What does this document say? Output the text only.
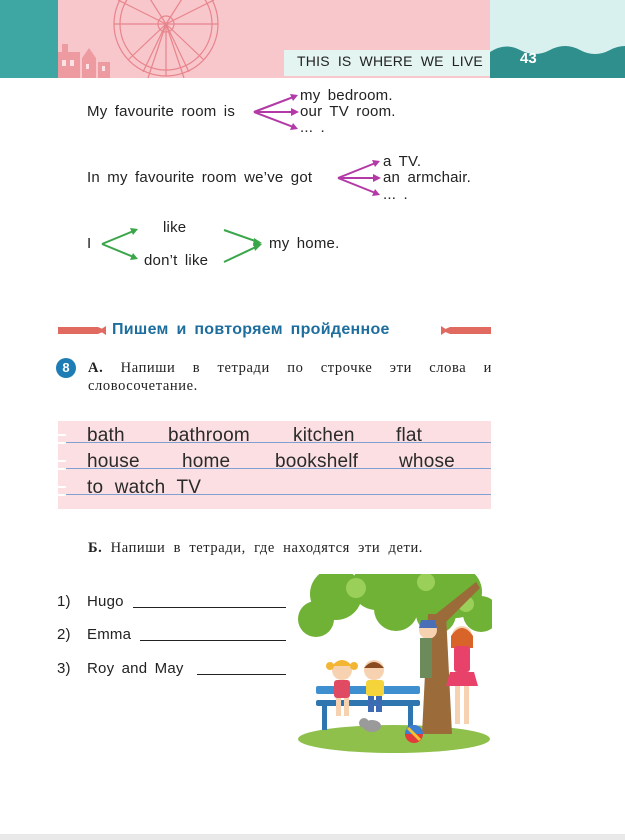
THIS IS WHERE WE LIVE	43
My favourite room is
my bedroom.
our TV room.
... .
In my favourite room we’ve got
a TV.
an armchair.
... .
I
like
don’t like
my home.
Пишем и повторяем пройденное
8	А. Напиши в тетради по строчке эти слова и
словосочетание.
bath bathroom kitchen flat
house home bookshelf whose
to watch TV
Б. Напиши в тетради, где находятся эти дети.
1) Hugo
2) Emma
3) Roy and May
